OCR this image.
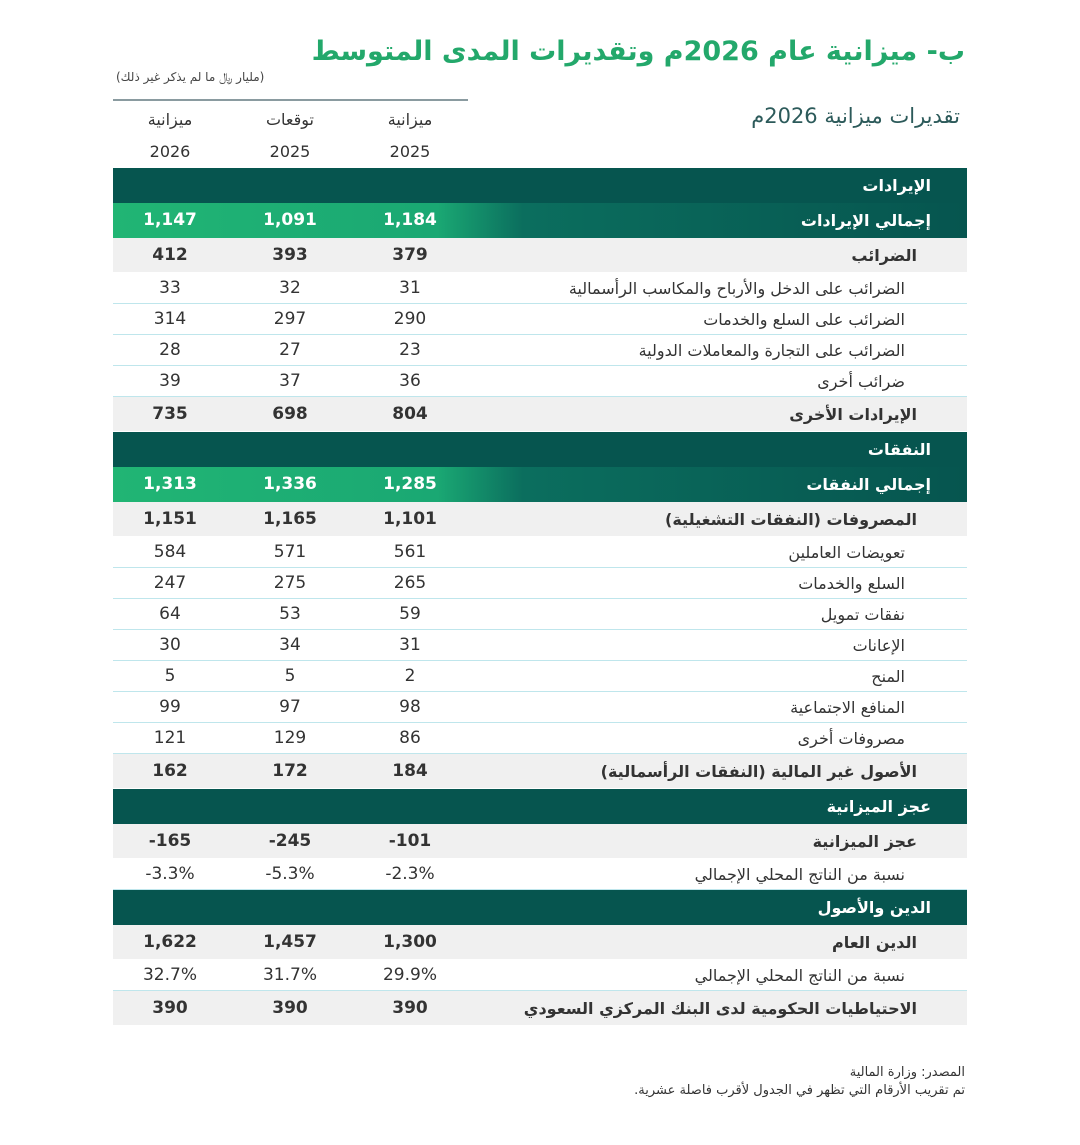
ب- ميزانية عام 2026م وتقديرات المدى المتوسط
(مليار ﷼ ما لم يذكر غير ذلك)
تقديرات ميزانية 2026م
ميزانية
2025
توقعات
2025
ميزانية
2026
الإيرادات
إجمالي الإيرادات
1,184
1,091
1,147
الضرائب
379
393
412
الضرائب على الدخل والأرباح والمكاسب الرأسمالية
31
32
33
الضرائب على السلع والخدمات
290
297
314
الضرائب على التجارة والمعاملات الدولية
23
27
28
ضرائب أخرى
36
37
39
الإيرادات الأخرى
804
698
735
النفقات
إجمالي النفقات
1,285
1,336
1,313
المصروفات (النفقات التشغيلية)
1,101
1,165
1,151
تعويضات العاملين
561
571
584
السلع والخدمات
265
275
247
نفقات تمويل
59
53
64
الإعانات
31
34
30
المنح
2
5
5
المنافع الاجتماعية
98
97
99
مصروفات أخرى
86
129
121
الأصول غير المالية (النفقات الرأسمالية)
184
172
162
عجز الميزانية
عجز الميزانية
-101
-245
-165
نسبة من الناتج المحلي الإجمالي
-2.3%
-5.3%
-3.3%
الدين والأصول
الدين العام
1,300
1,457
1,622
نسبة من الناتج المحلي الإجمالي
29.9%
31.7%
32.7%
الاحتياطيات الحكومية لدى البنك المركزي السعودي
390
390
390
المصدر: وزارة المالية
تم تقريب الأرقام التي تظهر في الجدول لأقرب فاصلة عشرية.
